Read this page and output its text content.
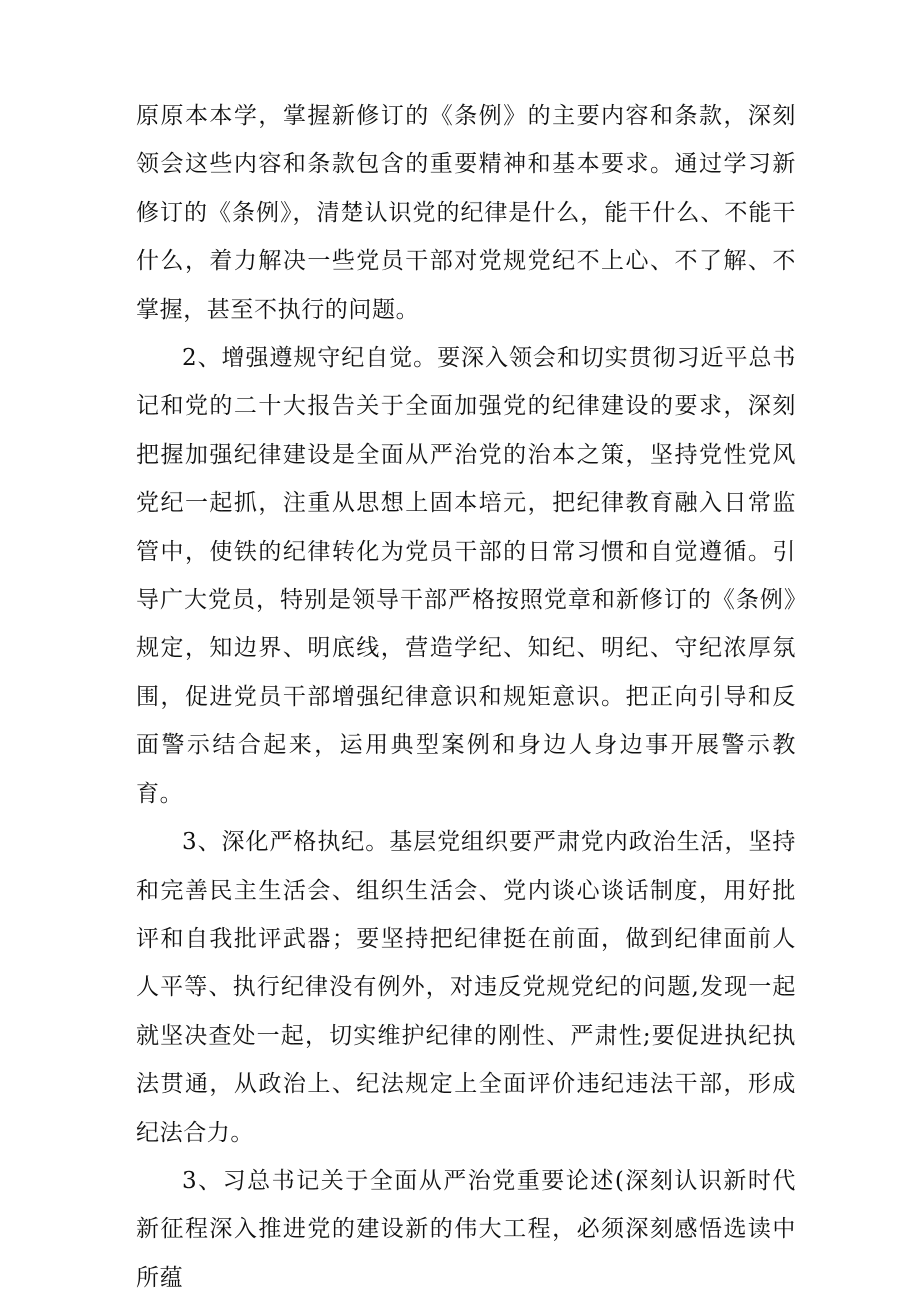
原原本本学，掌握新修订的《条例》的主要内容和条款，深刻领会这些内容和条款包含的重要精神和基本要求。通过学习新修订的《条例》，清楚认识党的纪律是什么，能干什么、不能干什么，着力解决一些党员干部对党规党纪不上心、不了解、不掌握，甚至不执行的问题。

2、增强遵规守纪自觉。要深入领会和切实贯彻习近平总书记和党的二十大报告关于全面加强党的纪律建设的要求，深刻把握加强纪律建设是全面从严治党的治本之策，坚持党性党风党纪一起抓，注重从思想上固本培元，把纪律教育融入日常监管中，使铁的纪律转化为党员干部的日常习惯和自觉遵循。引导广大党员，特别是领导干部严格按照党章和新修订的《条例》规定，知边界、明底线，营造学纪、知纪、明纪、守纪浓厚氛围，促进党员干部增强纪律意识和规矩意识。把正向引导和反面警示结合起来，运用典型案例和身边人身边事开展警示教育。

3、深化严格执纪。基层党组织要严肃党内政治生活，坚持和完善民主生活会、组织生活会、党内谈心谈话制度，用好批评和自我批评武器；要坚持把纪律挺在前面，做到纪律面前人人平等、执行纪律没有例外，对违反党规党纪的问题,发现一起就坚决查处一起，切实维护纪律的刚性、严肃性;要促进执纪执法贯通，从政治上、纪法规定上全面评价违纪违法干部，形成纪法合力。

3、习总书记关于全面从严治党重要论述(深刻认识新时代新征程深入推进党的建设新的伟大工程，必须深刻感悟选读中所蕴
